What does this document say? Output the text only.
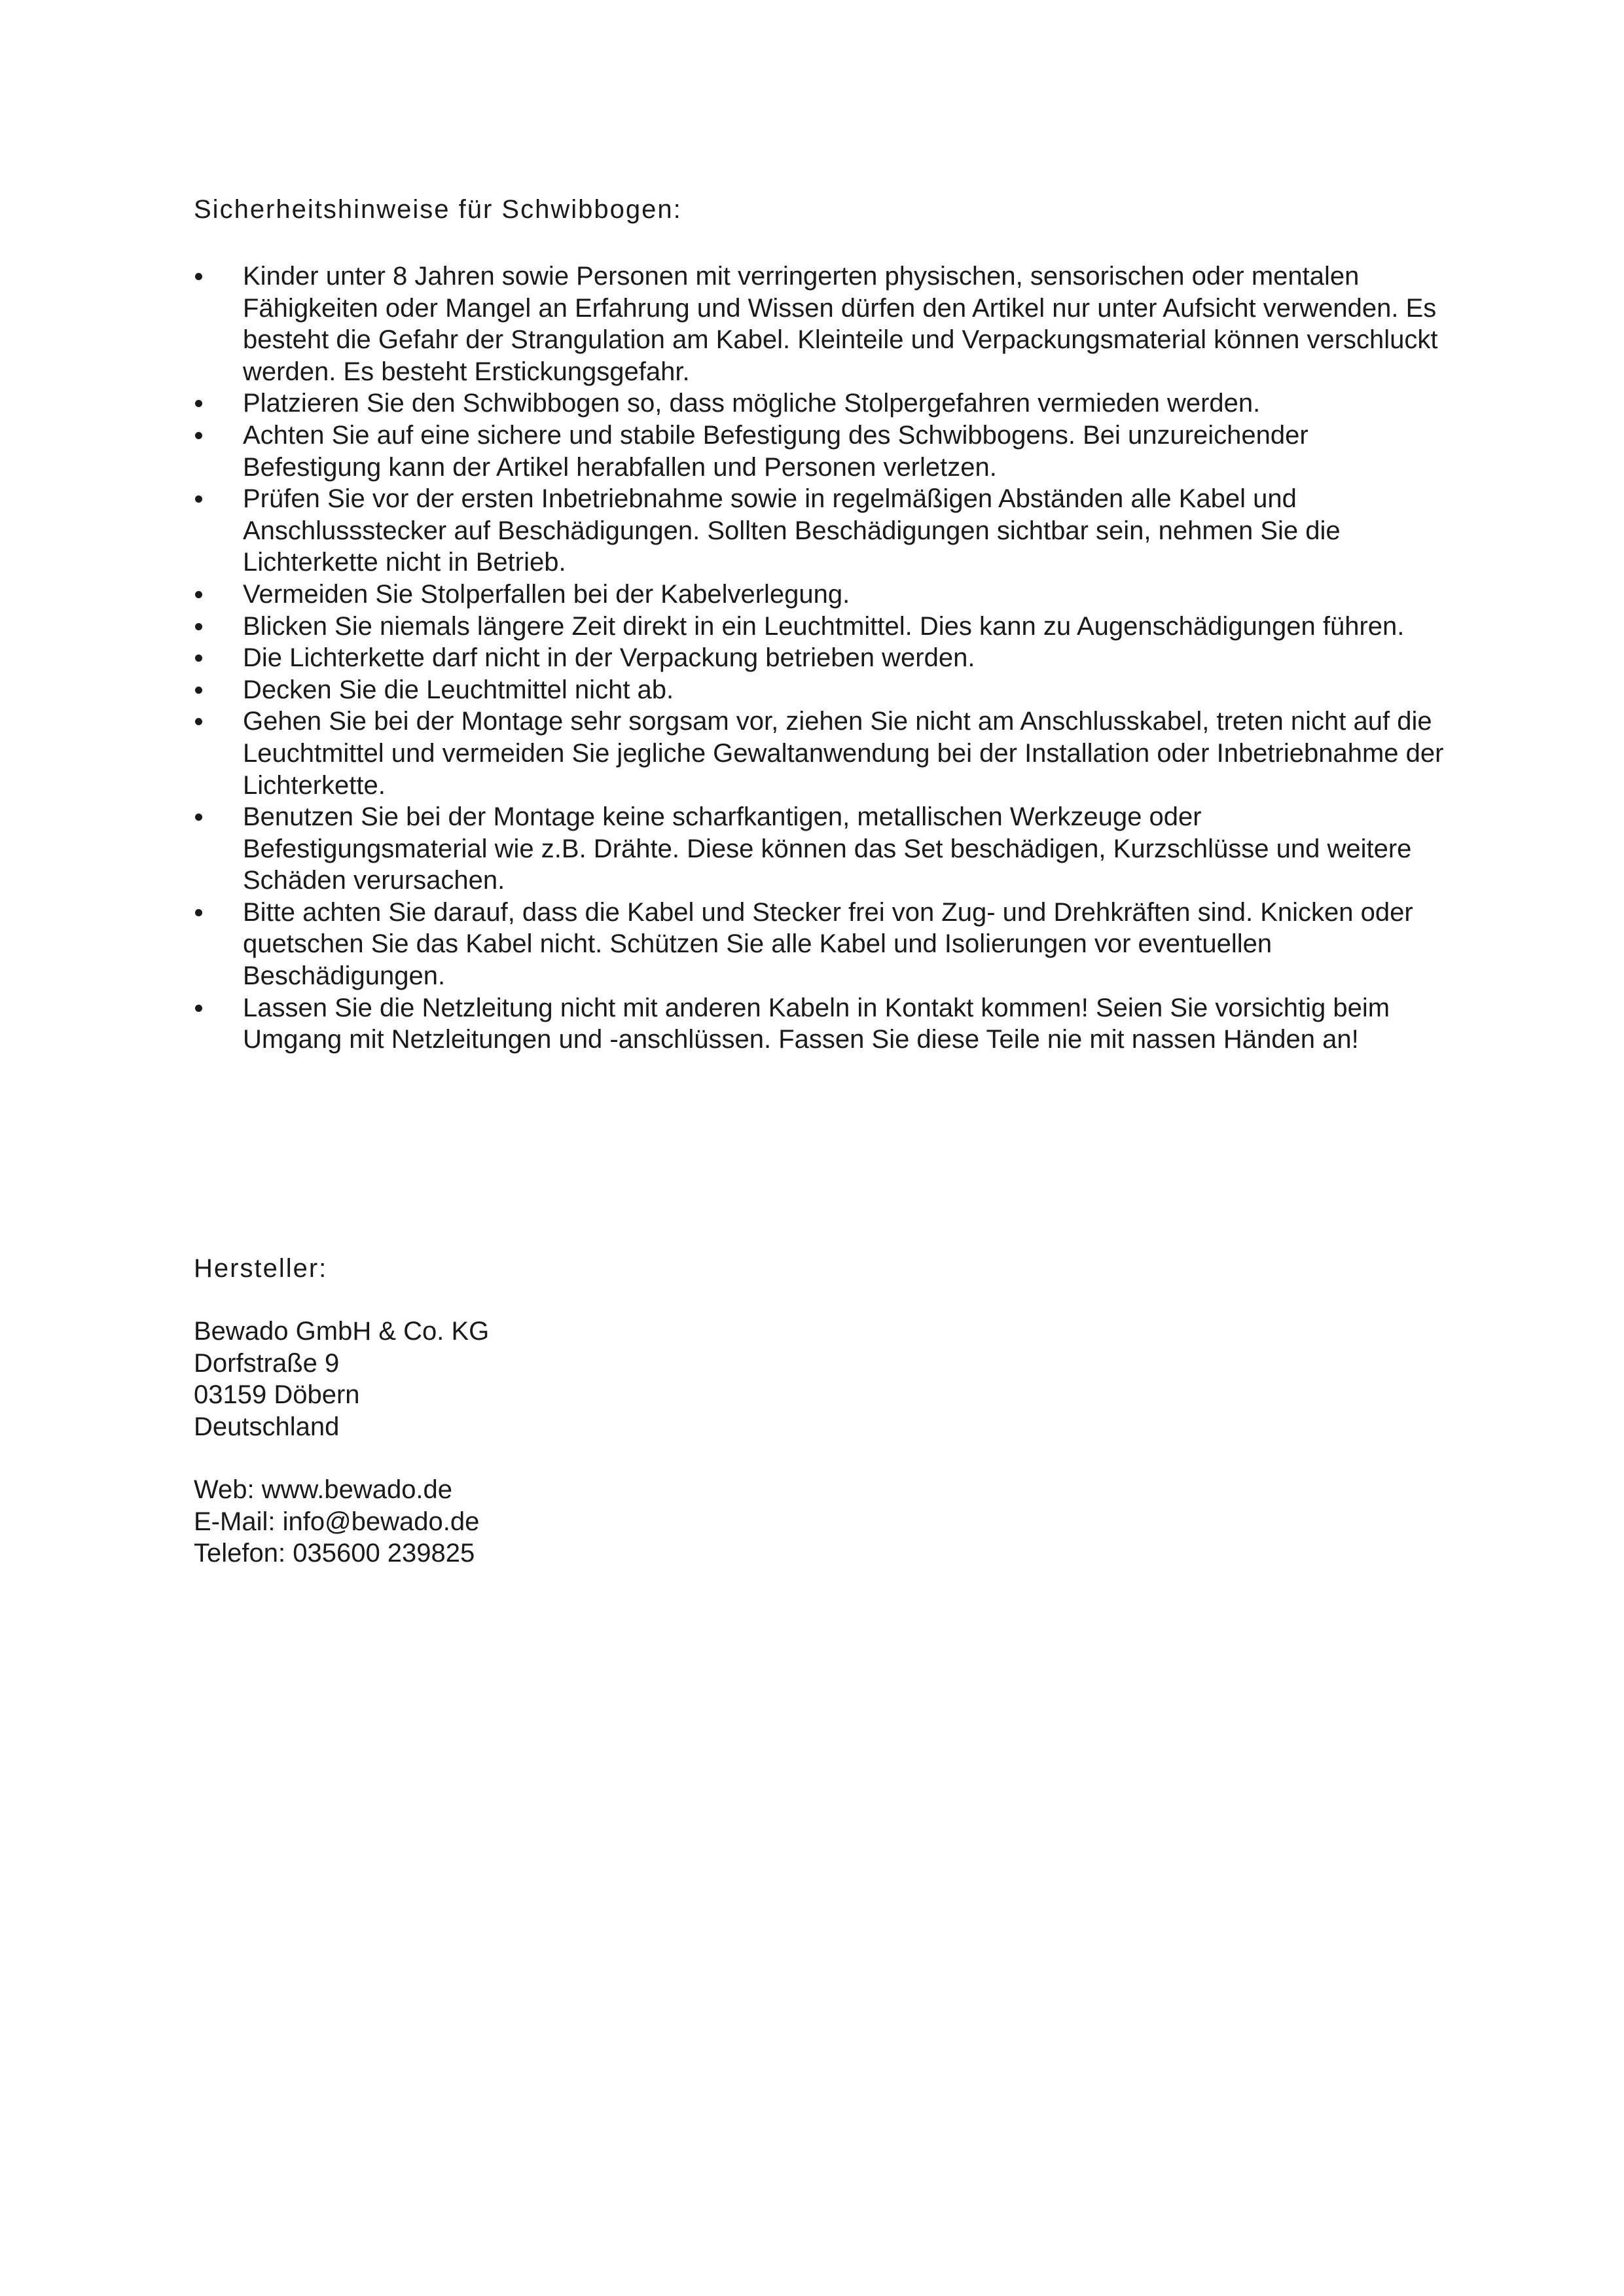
Sicherheitshinweise für Schwibbogen:
Kinder unter 8 Jahren sowie Personen mit verringerten physischen, sensorischen oder mentalen Fähigkeiten oder Mangel an Erfahrung und Wissen dürfen den Artikel nur unter Aufsicht verwenden. Es besteht die Gefahr der Strangulation am Kabel. Kleinteile und Verpackungsmaterial können verschluckt werden. Es besteht Erstickungsgefahr.
Platzieren Sie den Schwibbogen so, dass mögliche Stolpergefahren vermieden werden.
Achten Sie auf eine sichere und stabile Befestigung des Schwibbogens. Bei unzureichender Befestigung kann der Artikel herabfallen und Personen verletzen.
Prüfen Sie vor der ersten Inbetriebnahme sowie in regelmäßigen Abständen alle Kabel und Anschlussstecker auf Beschädigungen. Sollten Beschädigungen sichtbar sein, nehmen Sie die Lichterkette nicht in Betrieb.
Vermeiden Sie Stolperfallen bei der Kabelverlegung.
Blicken Sie niemals längere Zeit direkt in ein Leuchtmittel. Dies kann zu Augenschädigungen führen.
Die Lichterkette darf nicht in der Verpackung betrieben werden.
Decken Sie die Leuchtmittel nicht ab.
Gehen Sie bei der Montage sehr sorgsam vor, ziehen Sie nicht am Anschlusskabel, treten nicht auf die Leuchtmittel und vermeiden Sie jegliche Gewaltanwendung bei der Installation oder Inbetriebnahme der Lichterkette.
Benutzen Sie bei der Montage keine scharfkantigen, metallischen Werkzeuge oder Befestigungsmaterial wie z.B. Drähte. Diese können das Set beschädigen, Kurzschlüsse und weitere Schäden verursachen.
Bitte achten Sie darauf, dass die Kabel und Stecker frei von Zug- und Drehkräften sind. Knicken oder quetschen Sie das Kabel nicht. Schützen Sie alle Kabel und Isolierungen vor eventuellen Beschädigungen.
Lassen Sie die Netzleitung nicht mit anderen Kabeln in Kontakt kommen! Seien Sie vorsichtig beim Umgang mit Netzleitungen und -anschlüssen. Fassen Sie diese Teile nie mit nassen Händen an!
Hersteller:
Bewado GmbH & Co. KG
Dorfstraße 9
03159 Döbern
Deutschland
Web: www.bewado.de
E-Mail: info@bewado.de
Telefon: 035600 239825
